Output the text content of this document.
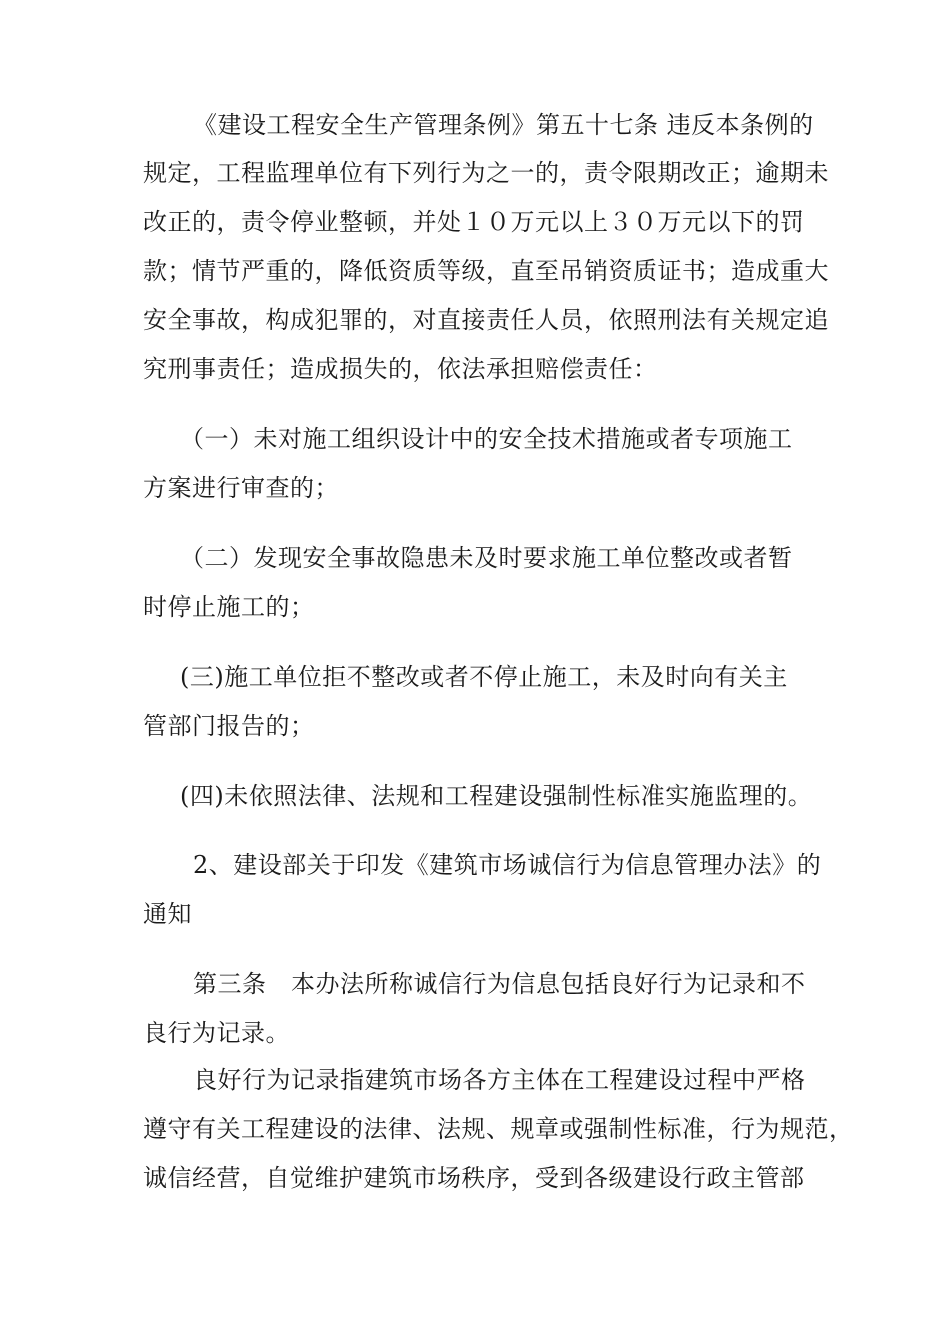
《建设工程安全生产管理条例》第五十七条 违反本条例的
规定，工程监理单位有下列行为之一的，责令限期改正；逾期未
改正的，责令停业整顿，并处１０万元以上３０万元以下的罚
款；情节严重的，降低资质等级，直至吊销资质证书；造成重大
安全事故，构成犯罪的，对直接责任人员，依照刑法有关规定追
究刑事责任；造成损失的，依法承担赔偿责任：
（一）未对施工组织设计中的安全技术措施或者专项施工
方案进行审查的；
（二）发现安全事故隐患未及时要求施工单位整改或者暂
时停止施工的；
(三)施工单位拒不整改或者不停止施工，未及时向有关主
管部门报告的；
(四)未依照法律、法规和工程建设强制性标准实施监理的。
2、建设部关于印发《建筑市场诚信行为信息管理办法》的
通知
第三条　本办法所称诚信行为信息包括良好行为记录和不
良行为记录。
良好行为记录指建筑市场各方主体在工程建设过程中严格
遵守有关工程建设的法律、法规、规章或强制性标准，行为规范，
诚信经营，自觉维护建筑市场秩序，受到各级建设行政主管部
